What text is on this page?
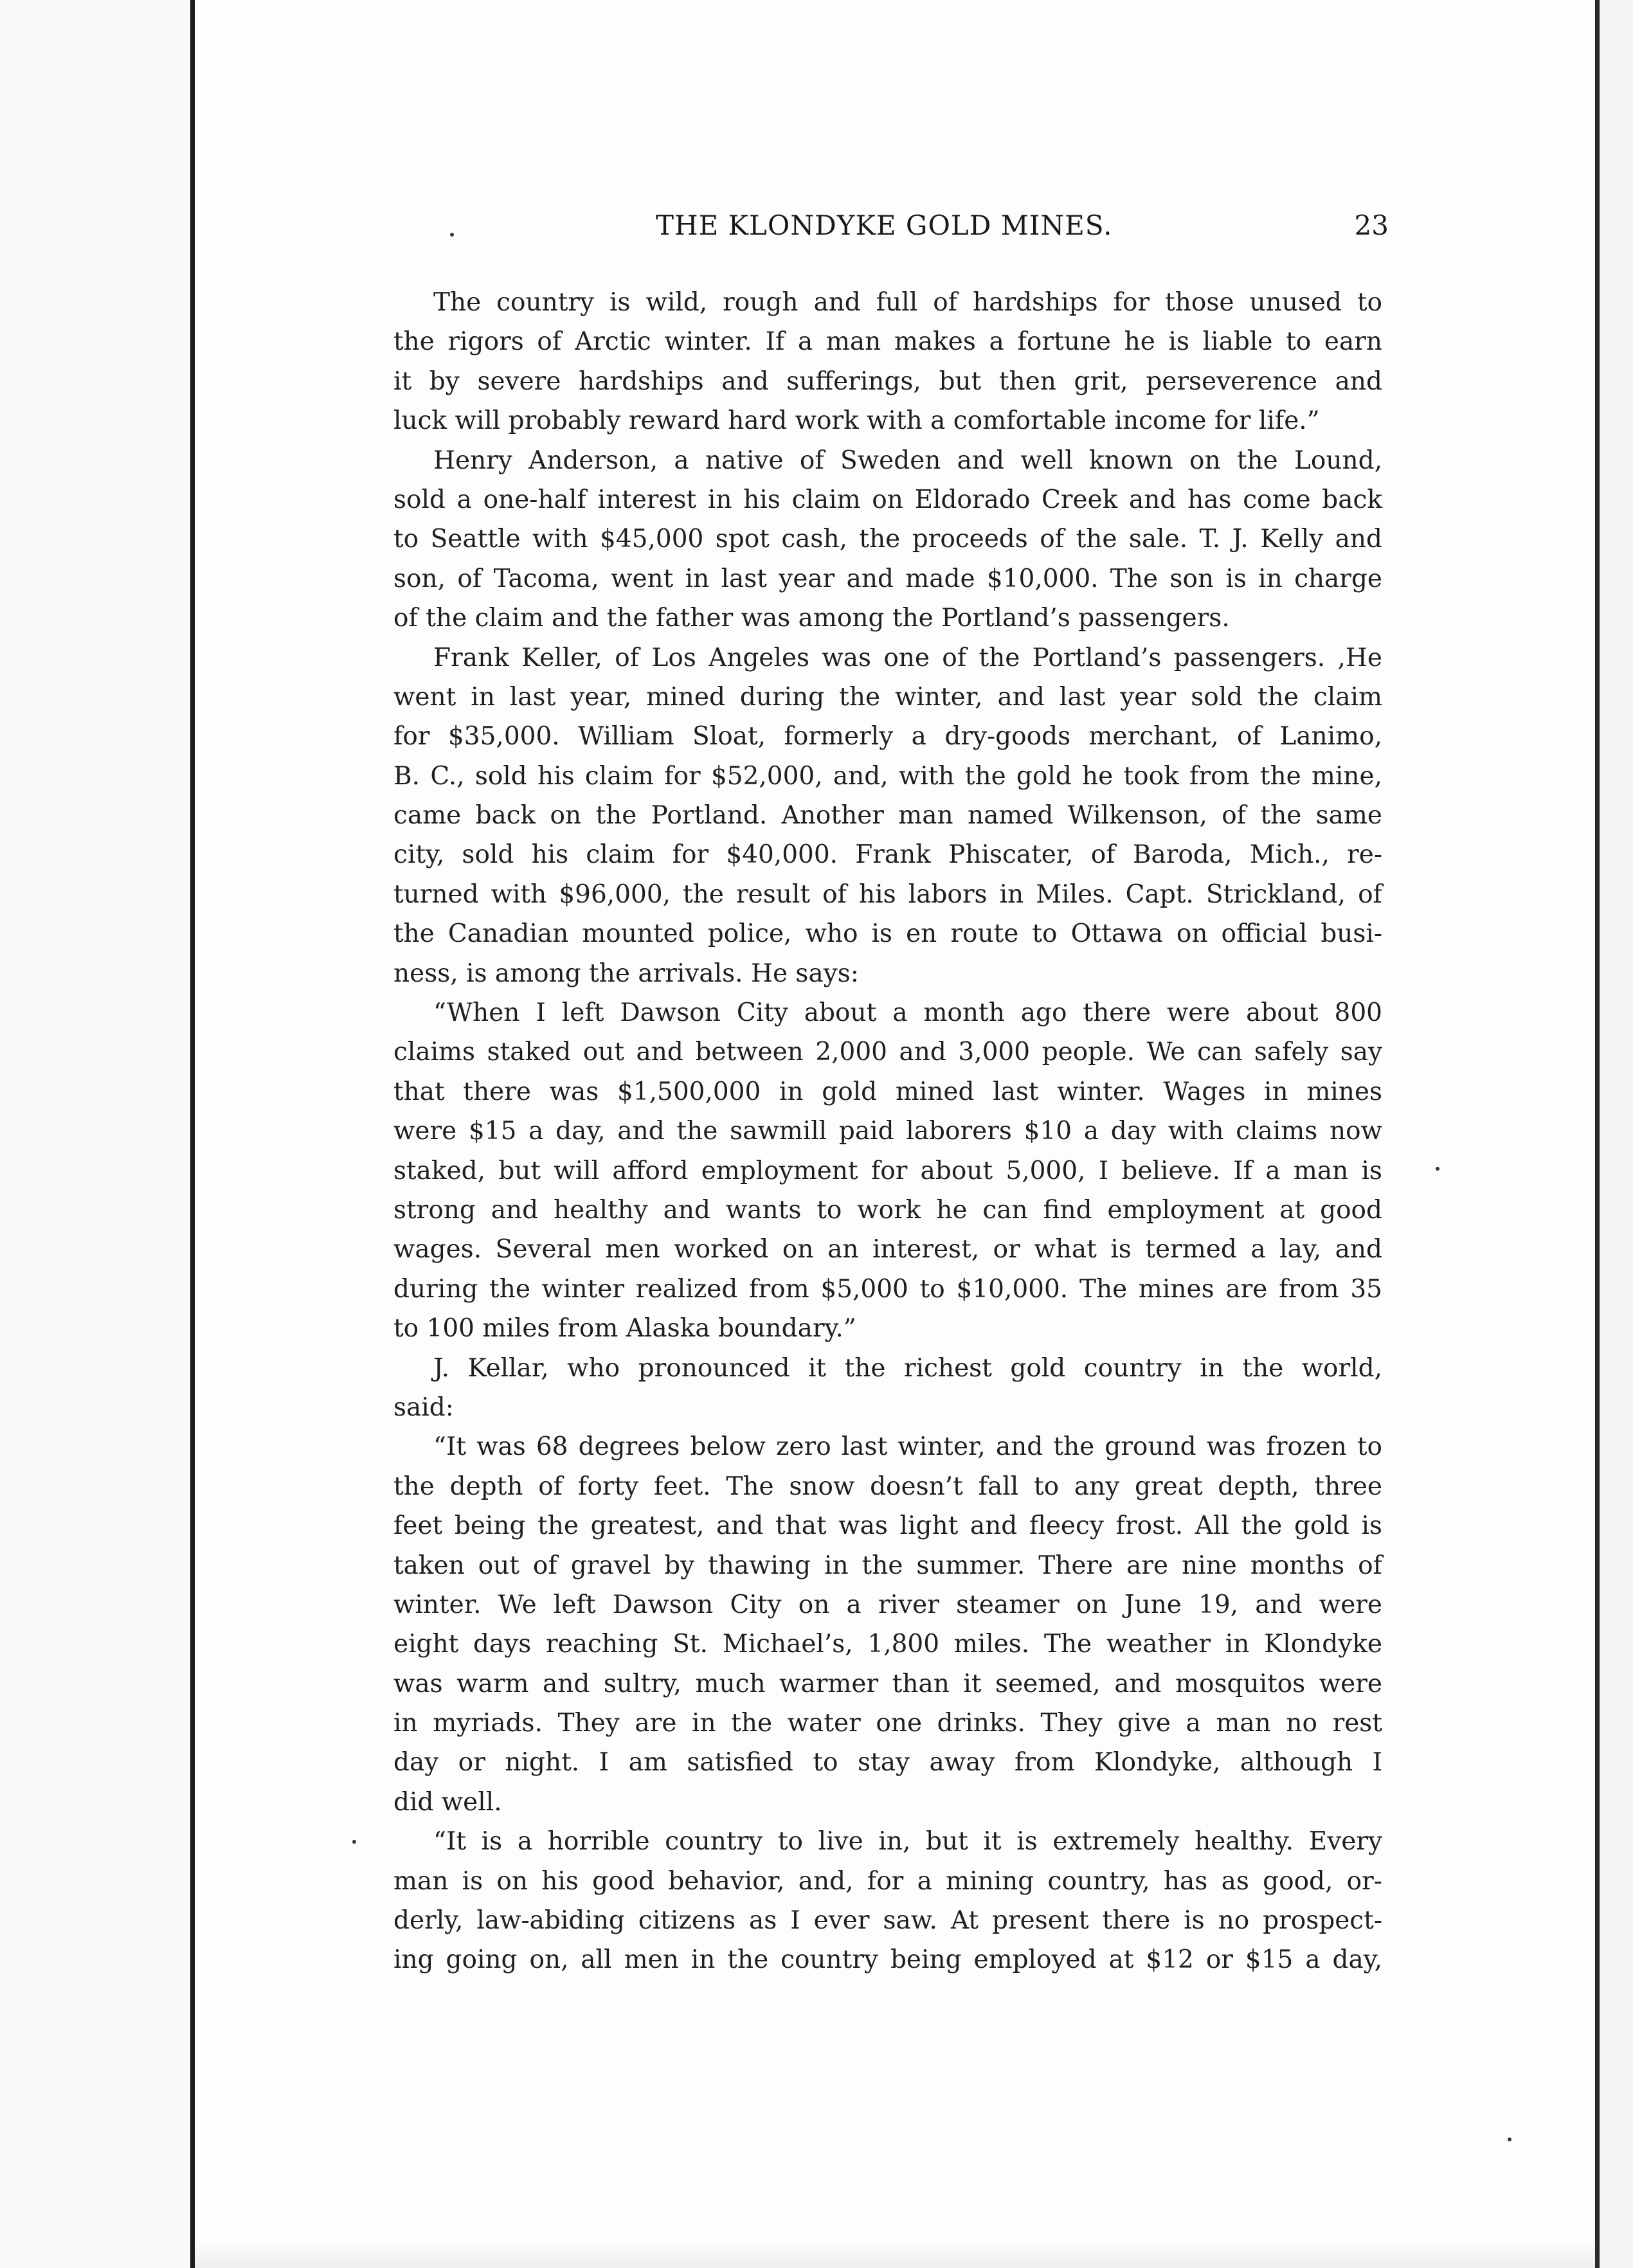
THE KLONDYKE GOLD MINES.	23
The country is wild, rough and full of hardships for those unused to
the rigors of Arctic winter. If a man makes a fortune he is liable to earn
it by severe hardships and sufferings, but then grit, perseverence and
luck will probably reward hard work with a comfortable income for life.”
Henry Anderson, a native of Sweden and well known on the Lound,
sold a one-half interest in his claim on Eldorado Creek and has come back
to Seattle with $45,000 spot cash, the proceeds of the sale. T. J. Kelly and
son, of Tacoma, went in last year and made $10,000. The son is in charge
of the claim and the father was among the Portland’s passengers.
Frank Keller, of Los Angeles was one of the Portland’s passengers. ,He
went in last year, mined during the winter, and last year sold the claim
for $35,000. William Sloat, formerly a dry-goods merchant, of Lanimo,
B. C., sold his claim for $52,000, and, with the gold he took from the mine,
came back on the Portland. Another man named Wilkenson, of the same
city, sold his claim for $40,000. Frank Phiscater, of Baroda, Mich., re-
turned with $96,000, the result of his labors in Miles. Capt. Strickland, of
the Canadian mounted police, who is en route to Ottawa on official busi-
ness, is among the arrivals. He says:
“When I left Dawson City about a month ago there were about 800
claims staked out and between 2,000 and 3,000 people. We can safely say
that there was $1,500,000 in gold mined last winter. Wages in mines
were $15 a day, and the sawmill paid laborers $10 a day with claims now
staked, but will afford employment for about 5,000, I believe. If a man is
strong and healthy and wants to work he can find employment at good
wages. Several men worked on an interest, or what is termed a lay, and
during the winter realized from $5,000 to $10,000. The mines are from 35
to 100 miles from Alaska boundary.”
J. Kellar, who pronounced it the richest gold country in the world,
said:
“It was 68 degrees below zero last winter, and the ground was frozen to
the depth of forty feet. The snow doesn’t fall to any great depth, three
feet being the greatest, and that was light and fleecy frost. All the gold is
taken out of gravel by thawing in the summer. There are nine months of
winter. We left Dawson City on a river steamer on June 19, and were
eight days reaching St. Michael’s, 1,800 miles. The weather in Klondyke
was warm and sultry, much warmer than it seemed, and mosquitos were
in myriads. They are in the water one drinks. They give a man no rest
day or night. I am satisfied to stay away from Klondyke, although I
did well.
“It is a horrible country to live in, but it is extremely healthy. Every
man is on his good behavior, and, for a mining country, has as good, or-
derly, law-abiding citizens as I ever saw. At present there is no prospect-
ing going on, all men in the country being employed at $12 or $15 a day,
